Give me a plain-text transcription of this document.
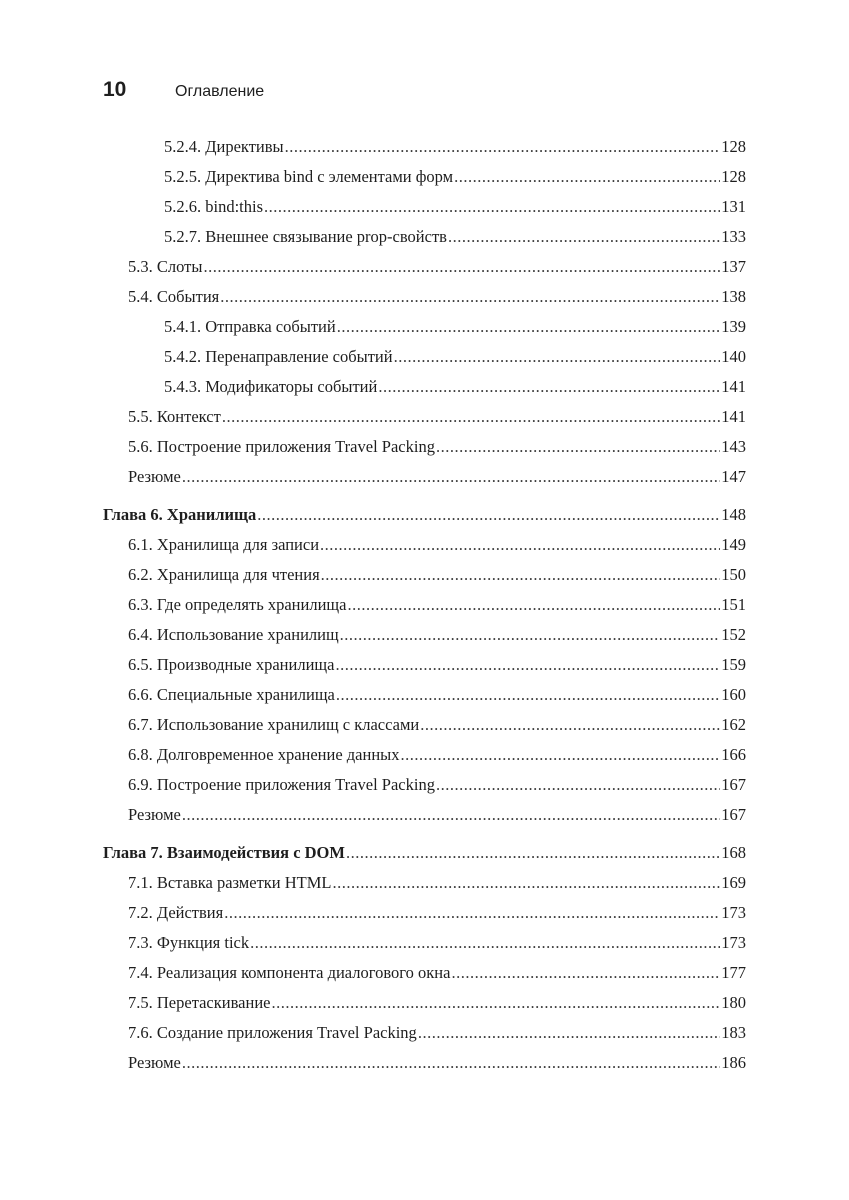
10	Оглавление
5.2.4. Директивы .....	128
5.2.5. Директива bind с элементами форм .....	128
5.2.6. bind:this .....	131
5.2.7. Внешнее связывание prop-свойств .....	133
5.3. Слоты .....	137
5.4. События .....	138
5.4.1. Отправка событий .....	139
5.4.2. Перенаправление событий .....	140
5.4.3. Модификаторы событий .....	141
5.5. Контекст .....	141
5.6. Построение приложения Travel Packing .....	143
Резюме .....	147
Глава 6. Хранилища .....	148
6.1. Хранилища для записи .....	149
6.2. Хранилища для чтения .....	150
6.3. Где определять хранилища .....	151
6.4. Использование хранилищ .....	152
6.5. Производные хранилища .....	159
6.6. Специальные хранилища .....	160
6.7. Использование хранилищ с классами .....	162
6.8. Долговременное хранение данных .....	166
6.9. Построение приложения Travel Packing .....	167
Резюме .....	167
Глава 7. Взаимодействия с DOM .....	168
7.1. Вставка разметки HTML .....	169
7.2. Действия .....	173
7.3. Функция tick .....	173
7.4. Реализация компонента диалогового окна .....	177
7.5. Перетаскивание .....	180
7.6. Создание приложения Travel Packing .....	183
Резюме .....	186
